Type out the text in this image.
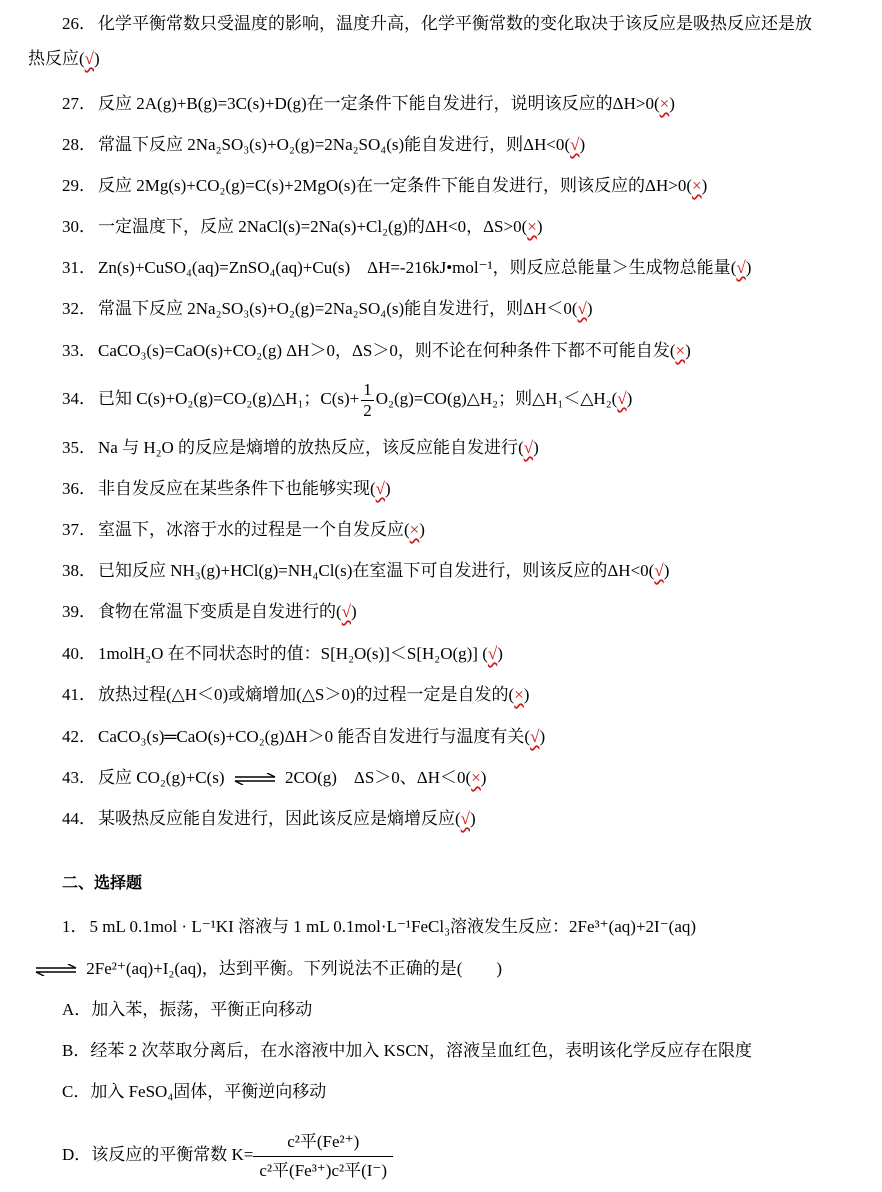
26． 化学平衡常数只受温度的影响，温度升高，化学平衡常数的变化取决于该反应是吸热反应还是放
热反应(√)
27． 反应 2A(g)+B(g)=3C(s)+D(g)在一定条件下能自发进行，说明该反应的ΔH>0(×)
28． 常温下反应 2Na₂SO₃(s)+O₂(g)=2Na₂SO₄(s)能自发进行，则ΔH<0(√)
29． 反应 2Mg(s)+CO₂(g)=C(s)+2MgO(s)在一定条件下能自发进行，则该反应的ΔH>0(×)
30． 一定温度下，反应 2NaCl(s)=2Na(s)+Cl₂(g)的ΔH<0，ΔS>0(×)
31． Zn(s)+CuSO₄(aq)=ZnSO₄(aq)+Cu(s)　ΔH=-216kJ•mol⁻¹，则反应总能量＞生成物总能量(√)
32． 常温下反应 2Na₂SO₃(s)+O₂(g)=2Na₂SO₄(s)能自发进行，则ΔH＜0(√)
33． CaCO₃(s)=CaO(s)+CO₂(g) ΔH＞0，ΔS＞0，则不论在何种条件下都不可能自发(×)
34． 已知 C(s)+O₂(g)=CO₂(g)△H₁；$C(s)+ \frac{1}{2}$ O₂(g)=CO(g)△H₂；则△H₁＜△H₂(√)
35． Na 与 H₂O 的反应是熵增的放热反应，该反应能自发进行(√)
36． 非自发反应在某些条件下也能够实现(√)
37． 室温下，冰溶于水的过程是一个自发反应(×)
38． 已知反应 NH₃(g)+HCl(g)=NH₄Cl(s)在室温下可自发进行，则该反应的ΔH<0(√)
39． 食物在常温下变质是自发进行的(√)
40． 1molH₂O 在不同状态时的值：S[H₂O(s)]＜S[H₂O(g)] (√)
41． 放热过程(△H＜0)或熵增加(△S＞0)的过程一定是自发的(×)
42． CaCO₃(s)═CaO(s)+CO₂(g)ΔH＞0 能否自发进行与温度有关(√)
43． 反应 CO₂(g)+C(s) ⇌ 2CO(g)　ΔS＞0、ΔH＜0(×)
44． 某吸热反应能自发进行，因此该反应是熵增反应(√)
二、选择题
1． 5 mL 0.1mol · L⁻¹KI 溶液与 1 mL 0.1mol·L⁻¹FeCl₃溶液发生反应：2Fe³⁺(aq)+2I⁻(aq)
⇌ 2Fe²⁺(aq)+I₂(aq)，达到平衡。下列说法不正确的是(　　)
A．加入苯，振荡，平衡正向移动
B．经苯 2 次萃取分离后，在水溶液中加入 KSCN，溶液呈血红色，表明该化学反应存在限度
C．加入 FeSO₄固体，平衡逆向移动
D．该反应的平衡常数 K=
c²平(Fe²⁺)
c²平(Fe³⁺)c²平(I⁻)
